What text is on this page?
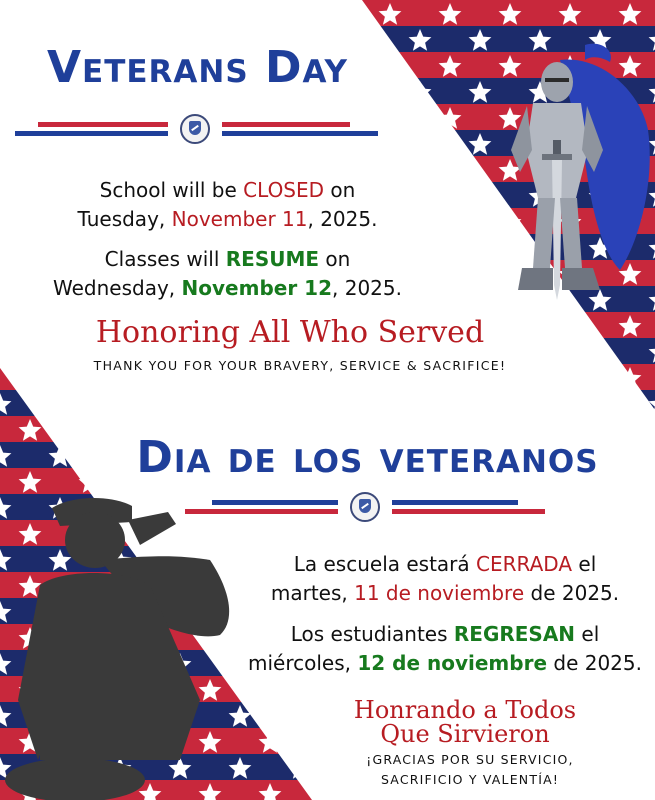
Veterans Day

School will be CLOSED on
Tuesday, November 11, 2025.

Classes will RESUME on
Wednesday, November 12, 2025.

Honoring All Who Served
THANK YOU FOR YOUR BRAVERY, SERVICE & SACRIFICE!
Dia de los veteranos

La escuela estará CERRADA el
martes, 11 de noviembre de 2025.

Los estudiantes REGRESAN el
miércoles, 12 de noviembre de 2025.

Honrando a Todos
Que Sirvieron
¡GRACIAS POR SU SERVICIO,
SACRIFICIO Y VALENTÍA!
